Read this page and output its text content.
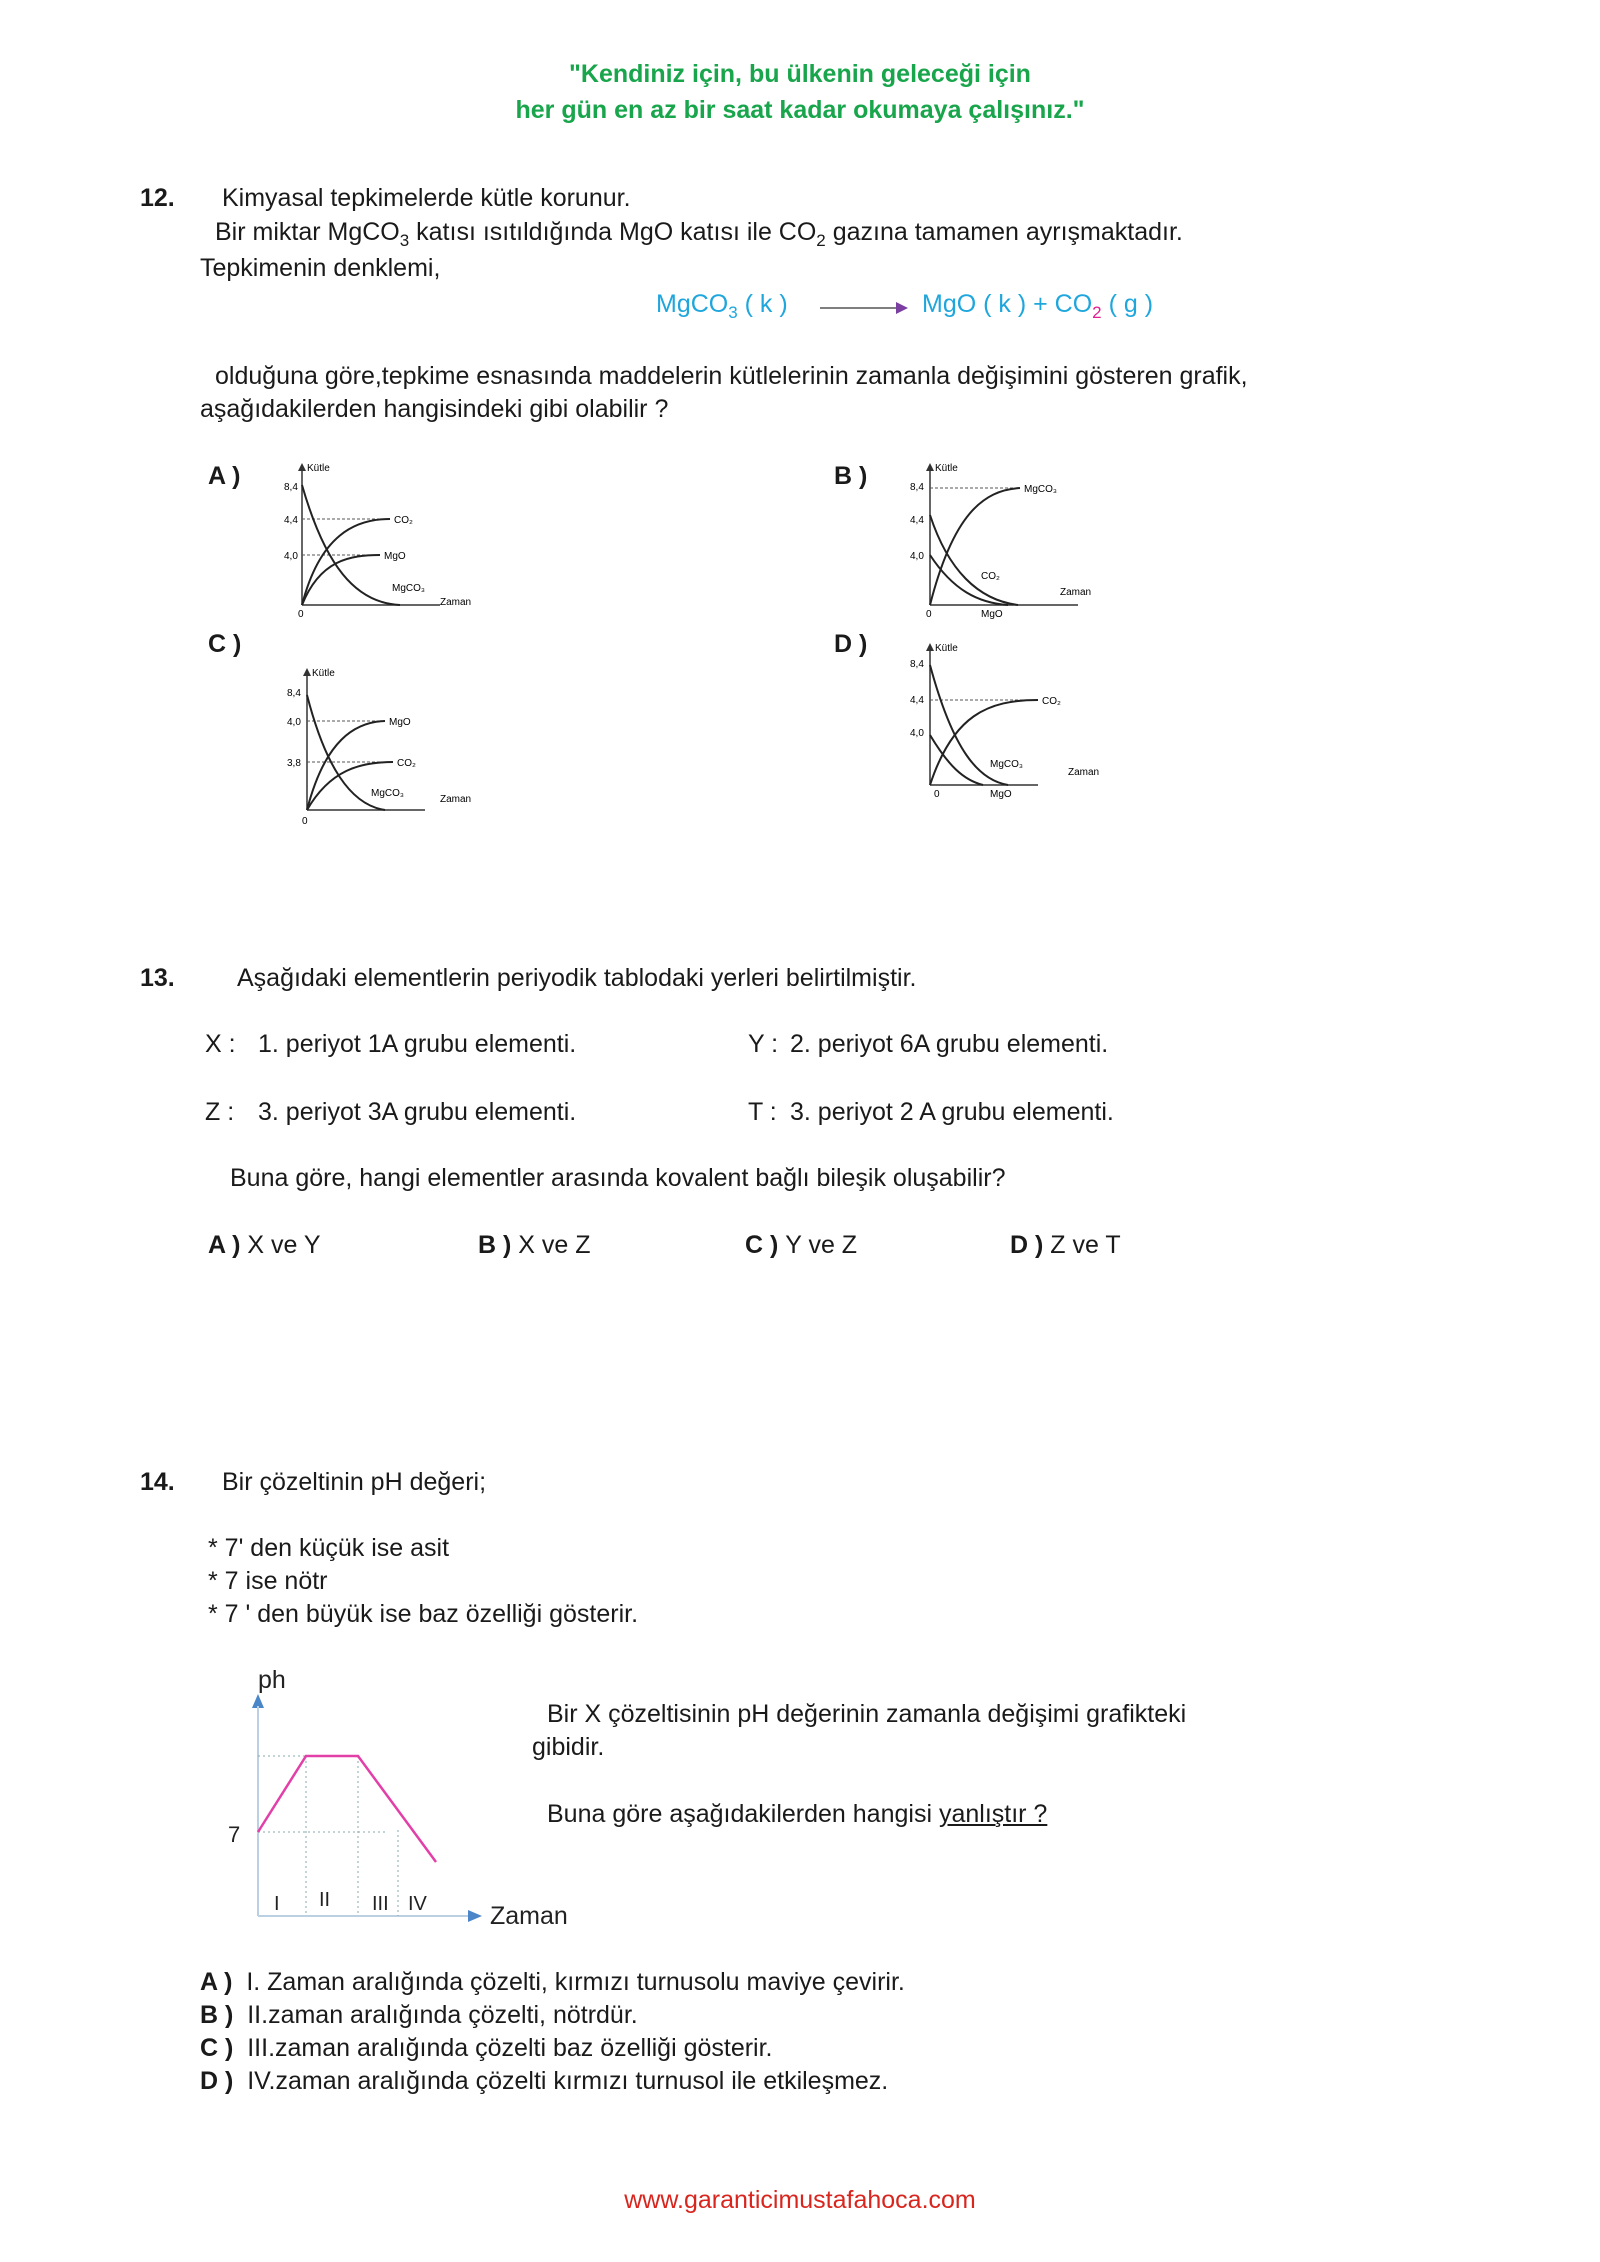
"Kendiniz için, bu ülkenin geleceği için
her gün en az bir saat kadar okumaya çalışınız."
12. Kimyasal tepkimelerde kütle korunur.
Bir miktar MgCO$_3$ katısı ısıtıldığında MgO katısı ile $CO_2$ gazına tamamen ayrışmaktadır.
Tepkimenin denklemi,
MgCO$_3$ ( k )	MgO ( k ) + $CO_2$ ( g )
olduğuna göre,tepkime esnasında maddelerin kütlelerinin zamanla değişimini gösteren grafik,
aşağıdakilerden hangisindeki gibi olabilir ?
A )	B )
C )	D )
Kütle
8,4
4,4
4,0
0
CO₂
MgO
MgCO₃
Zaman
Kütle
8,4
4,4
4,0
0
MgCO₃
CO₂
MgO
Zaman
Kütle
8,4
4,0
3,8
0
MgO
CO₂
MgCO₃
Zaman
Kütle
8,4
4,4
4,0
0
CO₂
MgCO₃
MgO
Zaman
13. Aşağıdaki elementlerin periyodik tablodaki yerleri belirtilmiştir.
X : 1. periyot 1A grubu elementi.	Y : 2. periyot 6A grubu elementi.
Z : 3. periyot 3A grubu elementi.	T : 3. periyot 2 A grubu elementi.
Buna göre, hangi elementler arasında kovalent bağlı bileşik oluşabilir?
A ) X ve Y	B ) X ve Z	C ) Y ve Z	D ) Z ve T
14. Bir çözeltinin pH değeri;
* 7' den küçük ise asit
* 7 ise nötr
* 7 ' den büyük ise baz özelliği gösterir.
ph
7
I II III IV	Zaman
Bir X çözeltisinin pH değerinin zamanla değişimi grafikteki
gibidir.
Buna göre aşağıdakilerden hangisi yanlıştır ?
A ) I. Zaman aralığında çözelti, kırmızı turnusolu maviye çevirir.
B ) II.zaman aralığında çözelti, nötrdür.
C ) III.zaman aralığında çözelti baz özelliği gösterir.
D ) IV.zaman aralığında çözelti kırmızı turnusol ile etkileşmez.
www.garanticimustafahoca.com
